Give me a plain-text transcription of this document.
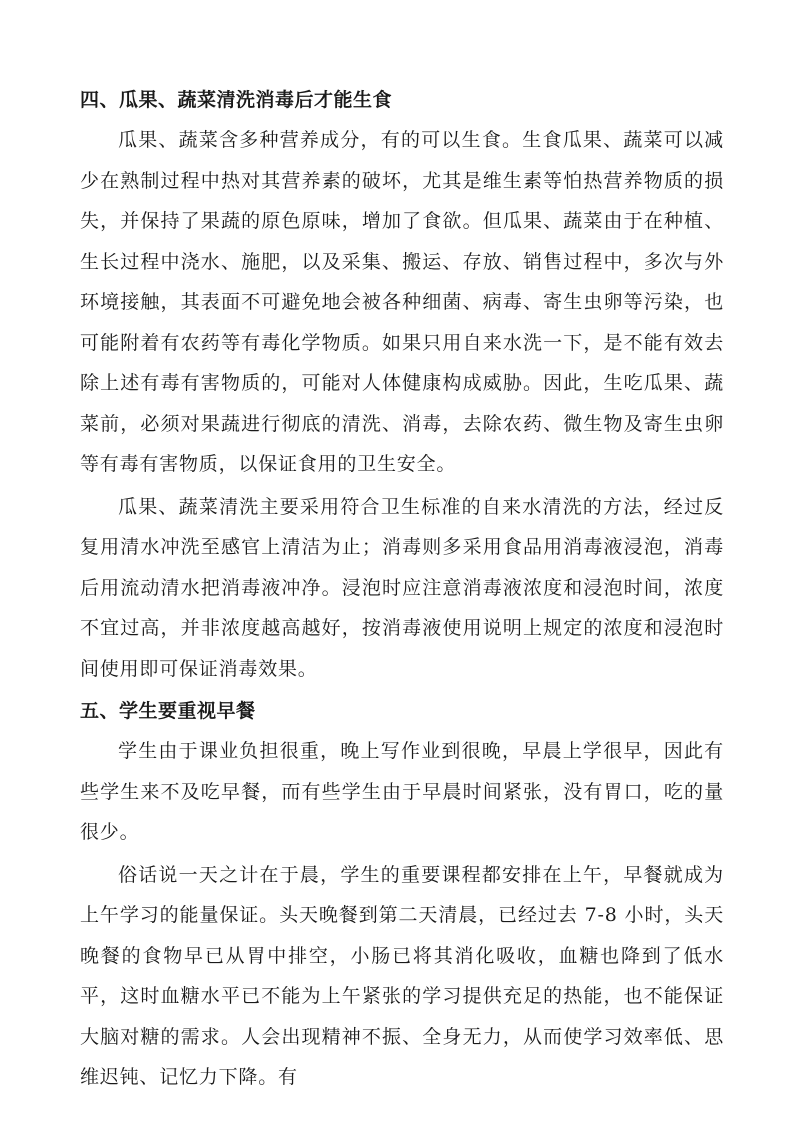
四、瓜果、蔬菜清洗消毒后才能生食

瓜果、蔬菜含多种营养成分，有的可以生食。生食瓜果、蔬菜可以减少在熟制过程中热对其营养素的破坏，尤其是维生素等怕热营养物质的损失，并保持了果蔬的原色原味，增加了食欲。但瓜果、蔬菜由于在种植、生长过程中浇水、施肥，以及采集、搬运、存放、销售过程中，多次与外环境接触，其表面不可避免地会被各种细菌、病毒、寄生虫卵等污染，也可能附着有农药等有毒化学物质。如果只用自来水洗一下，是不能有效去除上述有毒有害物质的，可能对人体健康构成威胁。因此，生吃瓜果、蔬菜前，必须对果蔬进行彻底的清洗、消毒，去除农药、微生物及寄生虫卵等有毒有害物质，以保证食用的卫生安全。

瓜果、蔬菜清洗主要采用符合卫生标准的自来水清洗的方法，经过反复用清水冲洗至感官上清洁为止；消毒则多采用食品用消毒液浸泡，消毒后用流动清水把消毒液冲净。浸泡时应注意消毒液浓度和浸泡时间，浓度不宜过高，并非浓度越高越好，按消毒液使用说明上规定的浓度和浸泡时间使用即可保证消毒效果。

五、学生要重视早餐

学生由于课业负担很重，晚上写作业到很晚，早晨上学很早，因此有些学生来不及吃早餐，而有些学生由于早晨时间紧张，没有胃口，吃的量很少。

俗话说一天之计在于晨，学生的重要课程都安排在上午，早餐就成为上午学习的能量保证。头天晚餐到第二天清晨，已经过去 7-8 小时，头天晚餐的食物早已从胃中排空，小肠已将其消化吸收，血糖也降到了低水平，这时血糖水平已不能为上午紧张的学习提供充足的热能，也不能保证大脑对糖的需求。人会出现精神不振、全身无力，从而使学习效率低、思维迟钝、记忆力下降。有
